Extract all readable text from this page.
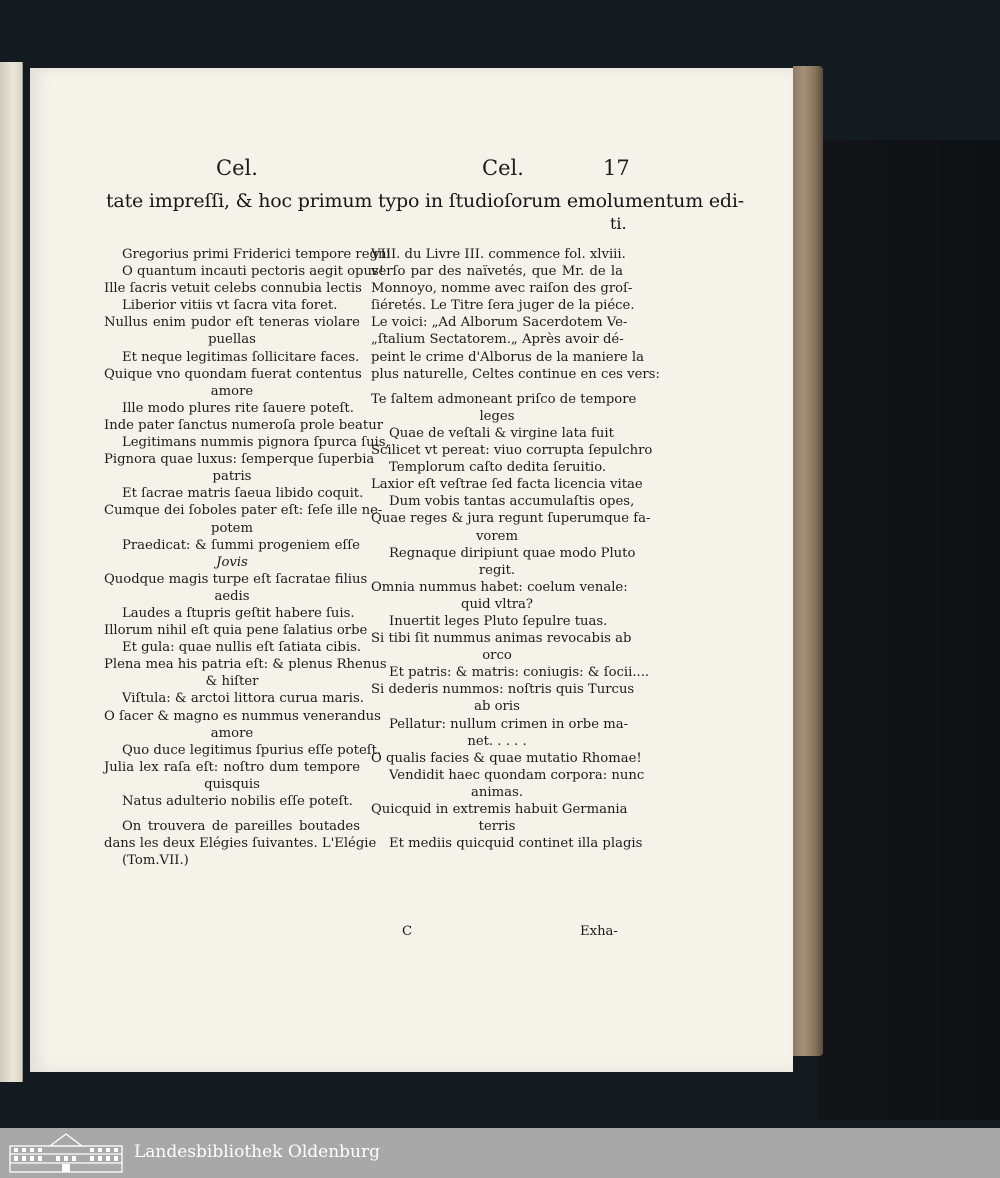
Cel.	Cel.	17
tate impreſſi, & hoc primum typo in ſtudioſorum emolumentum edi-
ti.
Gregorius primi Friderici tempore regni
O quantum incauti pectoris aegit opus!
Ille ſacris vetuit celebs connubia lectis
Liberior vitiis vt ſacra vita foret.
Nullus enim pudor eſt teneras violare
puellas
Et neque legitimas ſollicitare faces.
Quique vno quondam fuerat contentus
amore
Ille modo plures rite ſauere poteſt.
Inde pater ſanctus numeroſa prole beatur
Legitimans nummis pignora ſpurca ſuis,
Pignora quae luxus: ſemperque ſuperbia
patris
Et ſacrae matris ſaeua libido coquit.
Cumque dei ſoboles pater eſt: ſeſe ille ne-
potem
Praedicat: & ſummi progeniem eſſe
Jovis
Quodque magis turpe eſt ſacratae filius
aedis
Laudes a ſtupris geſtit habere ſuis.
Illorum nihil eſt quia pene ſalatius orbe
Et gula: quae nullis eſt ſatiata cibis.
Plena mea his patria eſt: & plenus Rhenus
& hiſter
Viſtula: & arctoi littora curua maris.
O ſacer & magno es nummus venerandus
amore
Quo duce legitimus ſpurius eſſe poteſt.
Julia lex raſa eſt: noſtro dum tempore
quisquis
Natus adulterio nobilis eſſe poteſt.
On trouvera de pareilles boutades
dans les deux Elégies ſuivantes. L'Elégie
(Tom.VII.)
VIII. du Livre III. commence fol. xlviii.
verſo par des naïvetés, que Mr. de la
Monnoyo, nomme avec raiſon des groſ-
ſiéretés. Le Titre ſera juger de la piéce.
Le voici: „Ad Alborum Sacerdotem Ve-
„ſtalium Sectatorem.„ Après avoir dé-
peint le crime d'Alborus de la maniere la
plus naturelle, Celtes continue en ces vers:
Te ſaltem admoneant priſco de tempore
leges
Quae de veſtali & virgine lata fuit
Scilicet vt pereat: viuo corrupta ſepulchro
Templorum caſto dedita ſeruitio.
Laxior eſt veſtrae ſed facta licencia vitae
Dum vobis tantas accumulaſtis opes,
Quae reges & jura regunt ſuperumque fa-
vorem
Regnaque diripiunt quae modo Pluto
regit.
Omnia nummus habet: coelum venale:
quid vltra?
Inuertit leges Pluto ſepulre tuas.
Si tibi ſit nummus animas revocabis ab
orco
Et patris: & matris: coniugis: & ſocii....
Si dederis nummos: noſtris quis Turcus
ab oris
Pellatur: nullum crimen in orbe ma-
net. . . . .
O qualis facies & quae mutatio Rhomae!
Vendidit haec quondam corpora: nunc
animas.
Quicquid in extremis habuit Germania
terris
Et mediis quicquid continet illa plagis
C	Exha-
Landesbibliothek Oldenburg
